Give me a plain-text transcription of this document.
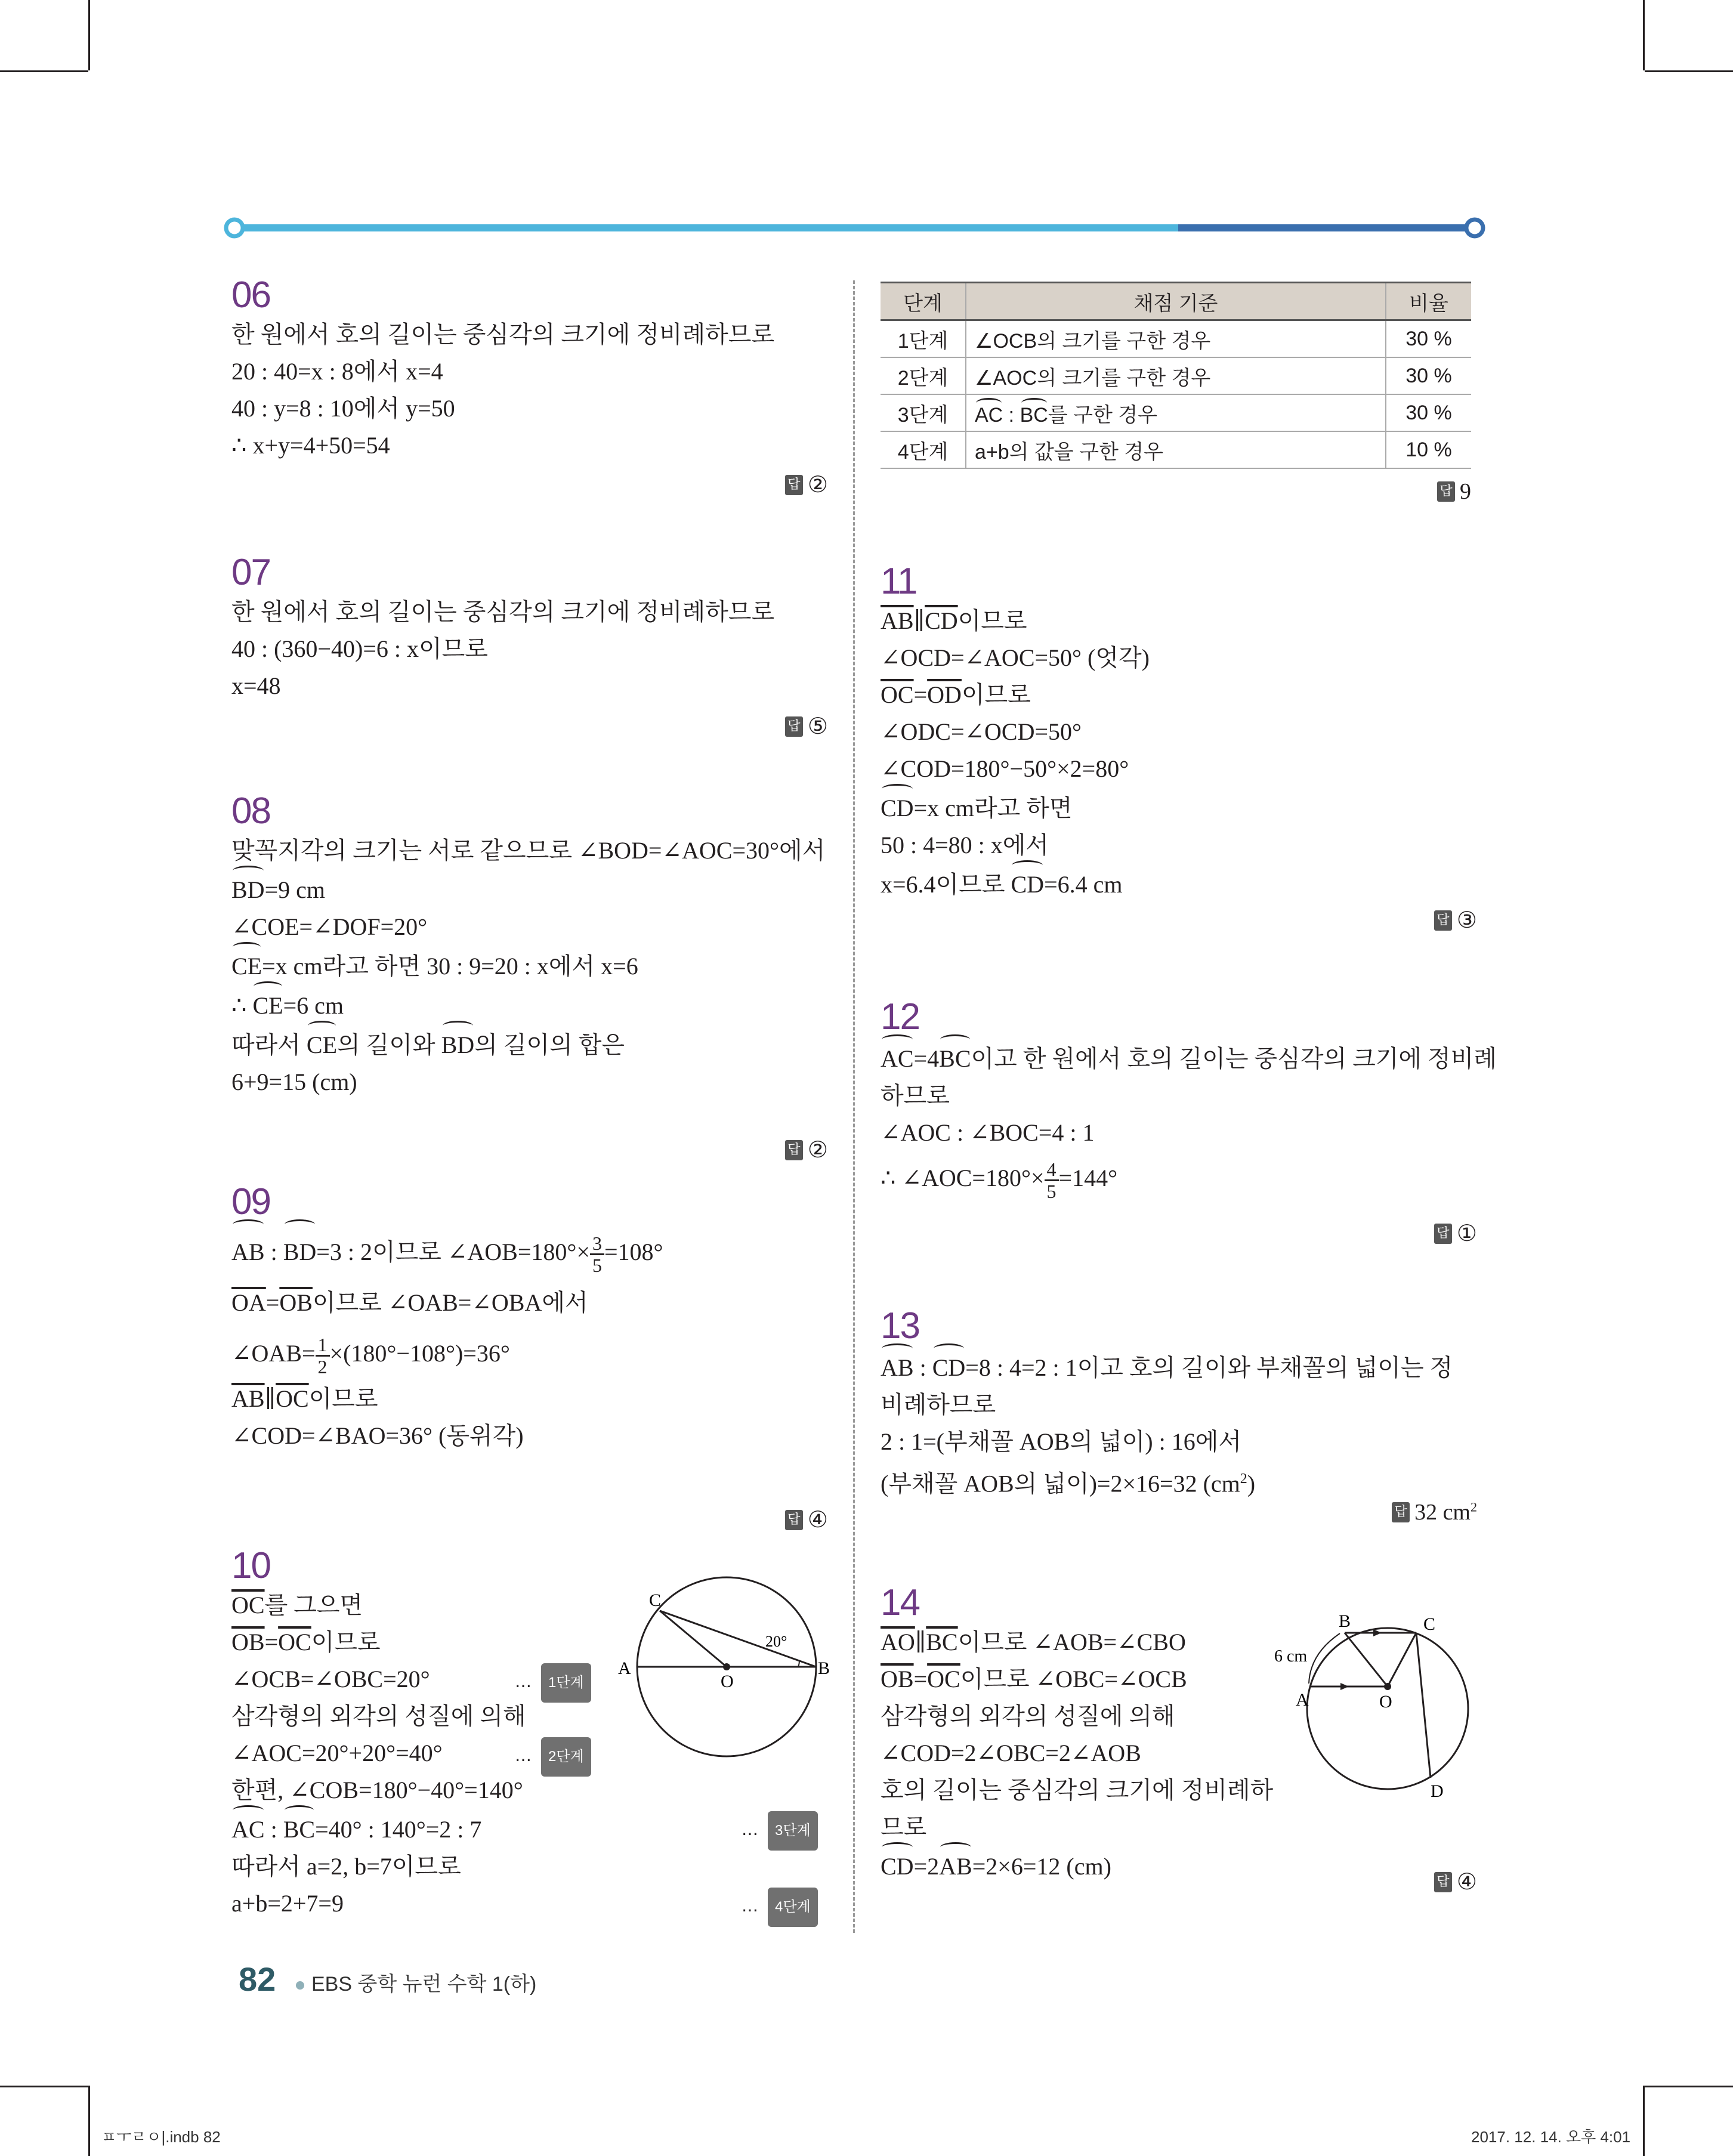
06
한 원에서 호의 길이는 중심각의 크기에 정비례하므로
20 : 40=x : 8에서 x=4
40 : y=8 : 10에서 y=50
∴ x+y=4+50=54
답 ②
07
한 원에서 호의 길이는 중심각의 크기에 정비례하므로
40 : (360−40)=6 : x이므로
x=48
답 ⑤
08
맞꼭지각의 크기는 서로 같으므로 ∠BOD=∠AOC=30°에서
BD=9 cm
∠COE=∠DOF=20°
CE=x cm라고 하면 30 : 9=20 : x에서 x=6
∴ CE=6 cm
따라서 CE의 길이와 BD의 길이의 합은
6+9=15 (cm)
답 ②
09
AB : BD=3 : 2이므로 ∠AOB=180°× $\frac{3}{5} =108^\circ$
$\overline{OA}=\overline{OB}$이므로 ∠OAB=∠OBA에서
∠OAB= $\frac{1}{2} \times(180^\circ-108^\circ)=36^\circ$
$\overline{AB}\parallel\overline{OC}$이므로
∠COD=∠BAO=36° (동위각)
답 ④
10
$\overline{OC}$를 그으면
$\overline{OB}=\overline{OC}$이므로
∠OCB=∠OBC=20°	… 1단계
삼각형의 외각의 성질에 의해
∠AOC=20°+20°=40°	… 2단계
한편, ∠COB=180°−40°=140°
AC : BC=40° : 140°=2 : 7	… 3단계
따라서 a=2, b=7이므로
a+b=2+7=9	… 4단계
C
A
O
B
20°
단계	채점 기준	비율
1단계	∠OCB의 크기를 구한 경우	30 %
2단계	∠AOC의 크기를 구한 경우	30 %
3단계	AC : BC를 구한 경우	30 %
4단계	a+b의 값을 구한 경우	10 %
답 9
11
$\overline{AB}\parallel\overline{CD}$이므로
∠OCD=∠AOC=50° (엇각)
$\overline{OC}=\overline{OD}$이므로
∠ODC=∠OCD=50°
∠COD=180°−50°×2=80°
CD=x cm라고 하면
50 : 4=80 : x에서
x=6.4이므로 CD=6.4 cm
답 ③
12
AC=4BC이고 한 원에서 호의 길이는 중심각의 크기에 정비례
하므로
∠AOC : ∠BOC=4 : 1
∴ ∠AOC=180°× $\frac{4}{5} =144^\circ$
답 ①
13
AB : CD=8 : 4=2 : 1이고 호의 길이와 부채꼴의 넓이는 정
비례하므로
2 : 1=(부채꼴 AOB의 넓이) : 16에서
(부채꼴 AOB의 넓이)=2×16=32 $(cm^2)$
답 32 $cm^2$
14
$\overline{AO}\parallel\overline{BC}$이므로 ∠AOB=∠CBO
$\overline{OB}=\overline{OC}$이므로 ∠OBC=∠OCB
삼각형의 외각의 성질에 의해
∠COD=2∠OBC=2∠AOB
호의 길이는 중심각의 크기에 정비례하
므로
CD=2AB=2×6=12 (cm)
답 ④
B	C
A	O
D
6 cm
82	EBS 중학 뉴런 수학 1(하)
ㅍㅜㄹㅇ|.indb 82	2017. 12. 14. 오후 4:01
